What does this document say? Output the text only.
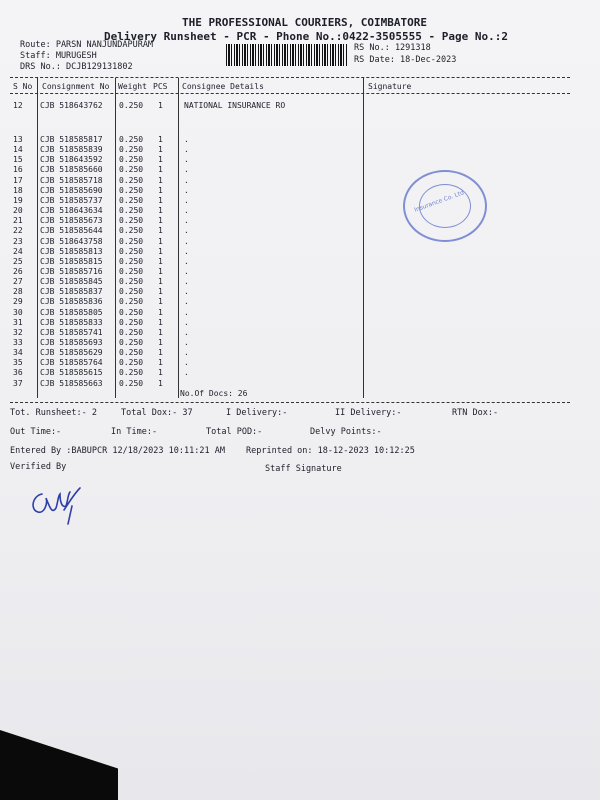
THE PROFESSIONAL COURIERS, COIMBATORE
Delivery Runsheet - PCR - Phone No.:0422-3505555 - Page No.:2
Route: PARSN NANJUNDAPURAM
Staff: MURUGESH
DRS No.: DCJB129131802
RS No.: 1291318
RS Date: 18-Dec-2023
S No Consignment No Weight PCS Consignee Details	Signature
12 CJB 518643762 0.250 1	NATIONAL INSURANCE RO
13 CJB 518585817 0.250 1	.
14 CJB 518585839 0.250 1	.
15 CJB 518643592 0.250 1	.
16 CJB 518585660 0.250 1	.
17 CJB 518585718 0.250 1	.
18 CJB 518585690 0.250 1	.
19 CJB 518585737 0.250 1	.
20 CJB 518643634 0.250 1	.
21 CJB 518585673 0.250 1	.
22 CJB 518585644 0.250 1	.
23 CJB 518643758 0.250 1	.
24 CJB 518585813 0.250 1	.
25 CJB 518585815 0.250 1	.
26 CJB 518585716 0.250 1	.
27 CJB 518585845 0.250 1	.
28 CJB 518585837 0.250 1	.
29 CJB 518585836 0.250 1	.
30 CJB 518585805 0.250 1	.
31 CJB 518585833 0.250 1	.
32 CJB 518585741 0.250 1	.
33 CJB 518585693 0.250 1	.
34 CJB 518585629 0.250 1	.
35 CJB 518585764 0.250 1	.
36 CJB 518585615 0.250 1	.
37 CJB 518585663 0.250 1
No.Of Docs: 26
Insurance Co. Ltd
Tot. Runsheet:- 2	Total Dox:- 37	I Delivery:-	II Delivery:-	RTN Dox:-
Out Time:-	In Time:-	Total POD:-	Delvy Points:-
Entered By :BABUPCR 12/18/2023 10:11:21 AM Reprinted on: 18-12-2023 10:12:25
Verified By	Staff Signature
